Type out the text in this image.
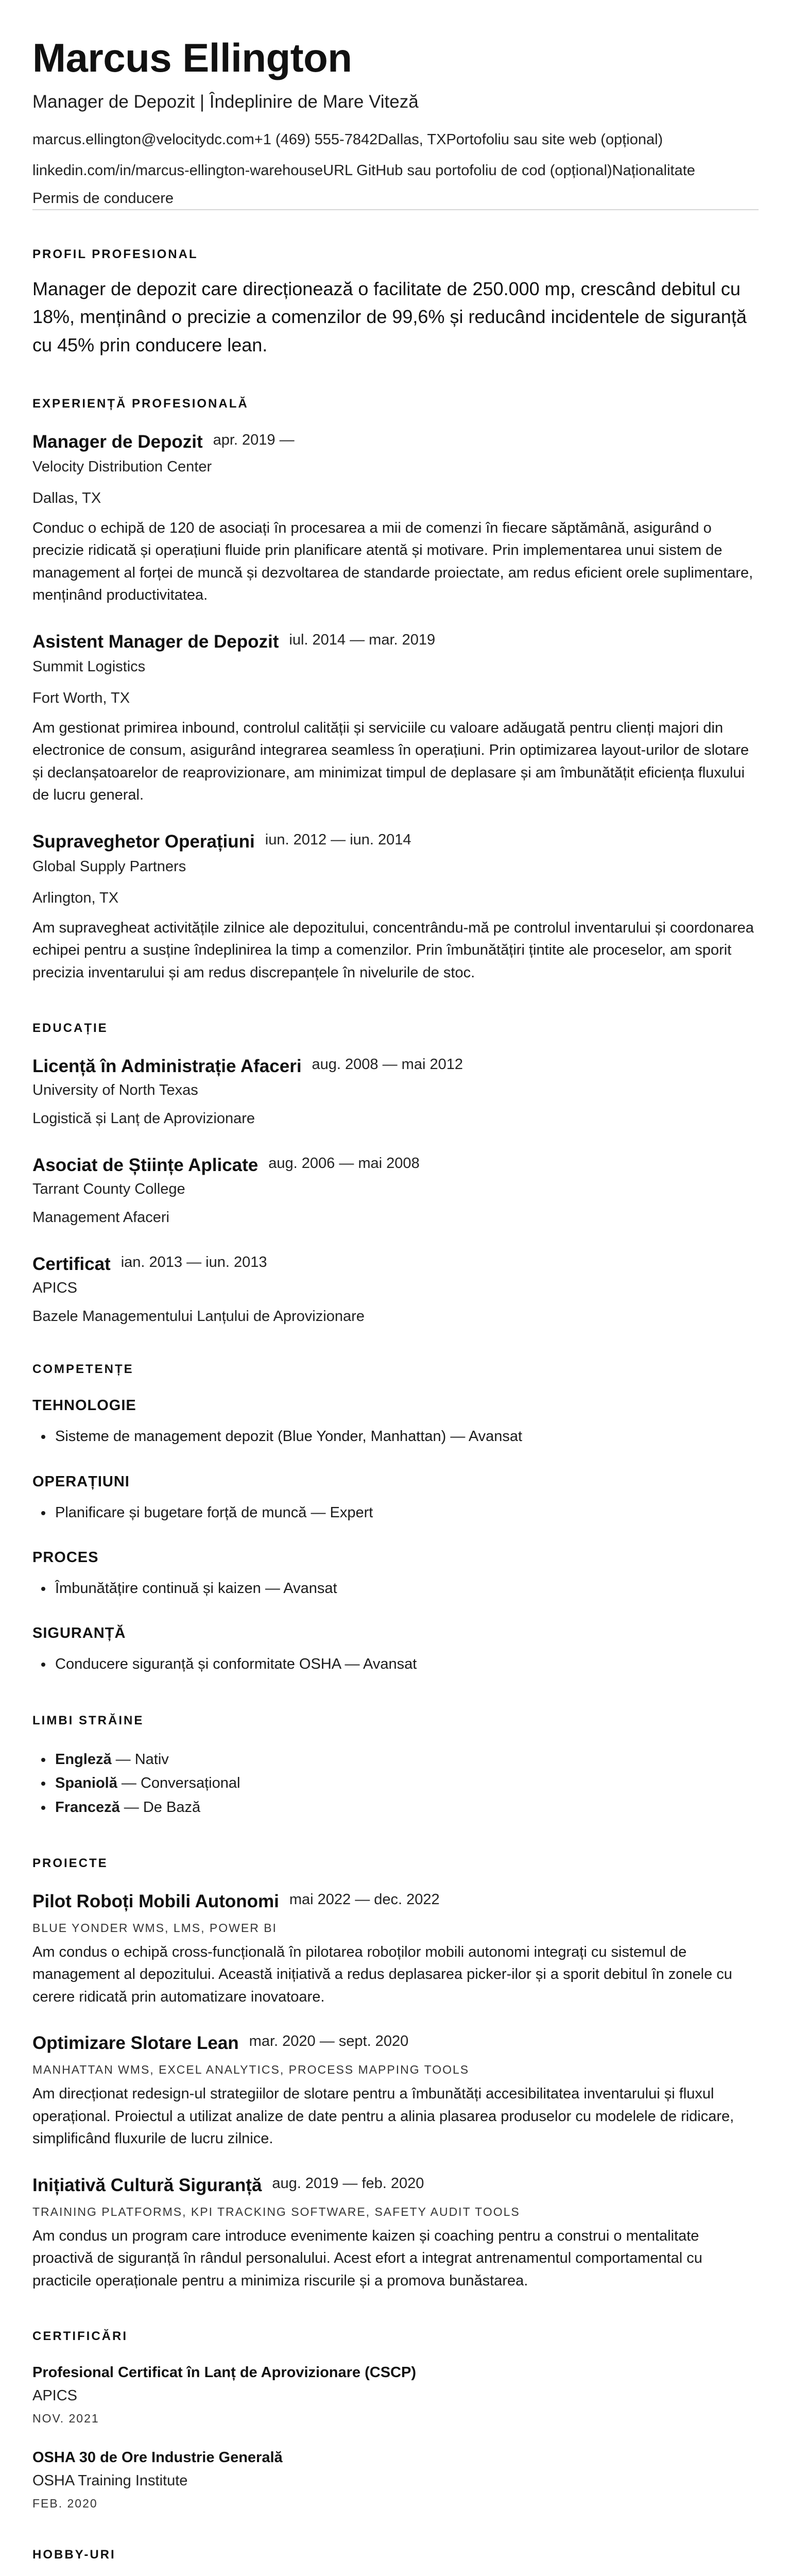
Marcus Ellington
Manager de Depozit | Îndeplinire de Mare Viteză
marcus.ellington@velocitydc.com +1 (469) 555-7842 Dallas, TX Portofoliu sau site web (opțional)
linkedin.com/in/marcus-ellington-warehouse URL GitHub sau portofoliu de cod (opțional) Naționalitate
Permis de conducere
PROFIL PROFESIONAL
Manager de depozit care direcționează o facilitate de 250.000 mp, crescând debitul cu 18%, menținând o precizie a comenzilor de 99,6% și reducând incidentele de siguranță cu 45% prin conducere lean.
EXPERIENȚĂ PROFESIONALĂ
Manager de Depozit apr. 2019 —
Velocity Distribution Center
Dallas, TX
Conduc o echipă de 120 de asociați în procesarea a mii de comenzi în fiecare săptămână, asigurând o precizie ridicată și operațiuni fluide prin planificare atentă și motivare. Prin implementarea unui sistem de management al forței de muncă și dezvoltarea de standarde proiectate, am redus eficient orele suplimentare, menținând productivitatea.
Asistent Manager de Depozit iul. 2014 — mar. 2019
Summit Logistics
Fort Worth, TX
Am gestionat primirea inbound, controlul calității și serviciile cu valoare adăugată pentru clienți majori din electronice de consum, asigurând integrarea seamless în operațiuni. Prin optimizarea layout-urilor de slotare și declanșatoarelor de reaprovizionare, am minimizat timpul de deplasare și am îmbunătățit eficiența fluxului de lucru general.
Supraveghetor Operațiuni iun. 2012 — iun. 2014
Global Supply Partners
Arlington, TX
Am supravegheat activitățile zilnice ale depozitului, concentrându-mă pe controlul inventarului și coordonarea echipei pentru a susține îndeplinirea la timp a comenzilor. Prin îmbunătățiri țintite ale proceselor, am sporit precizia inventarului și am redus discrepanțele în nivelurile de stoc.
EDUCAȚIE
Licență în Administrație Afaceri aug. 2008 — mai 2012
University of North Texas
Logistică și Lanț de Aprovizionare
Asociat de Științe Aplicate aug. 2006 — mai 2008
Tarrant County College
Management Afaceri
Certificat ian. 2013 — iun. 2013
APICS
Bazele Managementului Lanțului de Aprovizionare
COMPETENȚE
TEHNOLOGIE
• Sisteme de management depozit (Blue Yonder, Manhattan) — Avansat
OPERAȚIUNI
• Planificare și bugetare forță de muncă — Expert
PROCES
• Îmbunătățire continuă și kaizen — Avansat
SIGURANȚĂ
• Conducere siguranță și conformitate OSHA — Avansat
LIMBI STRĂINE
• Engleză — Nativ
• Spaniolă — Conversațional
• Franceză — De Bază
PROIECTE
Pilot Roboți Mobili Autonomi mai 2022 — dec. 2022
BLUE YONDER WMS, LMS, POWER BI
Am condus o echipă cross-funcțională în pilotarea roboților mobili autonomi integrați cu sistemul de management al depozitului. Această inițiativă a redus deplasarea picker-ilor și a sporit debitul în zonele cu cerere ridicată prin automatizare inovatoare.
Optimizare Slotare Lean mar. 2020 — sept. 2020
MANHATTAN WMS, EXCEL ANALYTICS, PROCESS MAPPING TOOLS
Am direcționat redesign-ul strategiilor de slotare pentru a îmbunătăți accesibilitatea inventarului și fluxul operațional. Proiectul a utilizat analize de date pentru a alinia plasarea produselor cu modelele de ridicare, simplificând fluxurile de lucru zilnice.
Inițiativă Cultură Siguranță aug. 2019 — feb. 2020
TRAINING PLATFORMS, KPI TRACKING SOFTWARE, SAFETY AUDIT TOOLS
Am condus un program care introduce evenimente kaizen și coaching pentru a construi o mentalitate proactivă de siguranță în rândul personalului. Acest efort a integrat antrenamentul comportamental cu practicile operaționale pentru a minimiza riscurile și a promova bunăstarea.
CERTIFICĂRI
Profesional Certificat în Lanț de Aprovizionare (CSCP)
APICS
NOV. 2021
OSHA 30 de Ore Industrie Generală
OSHA Training Institute
FEB. 2020
HOBBY-URI
